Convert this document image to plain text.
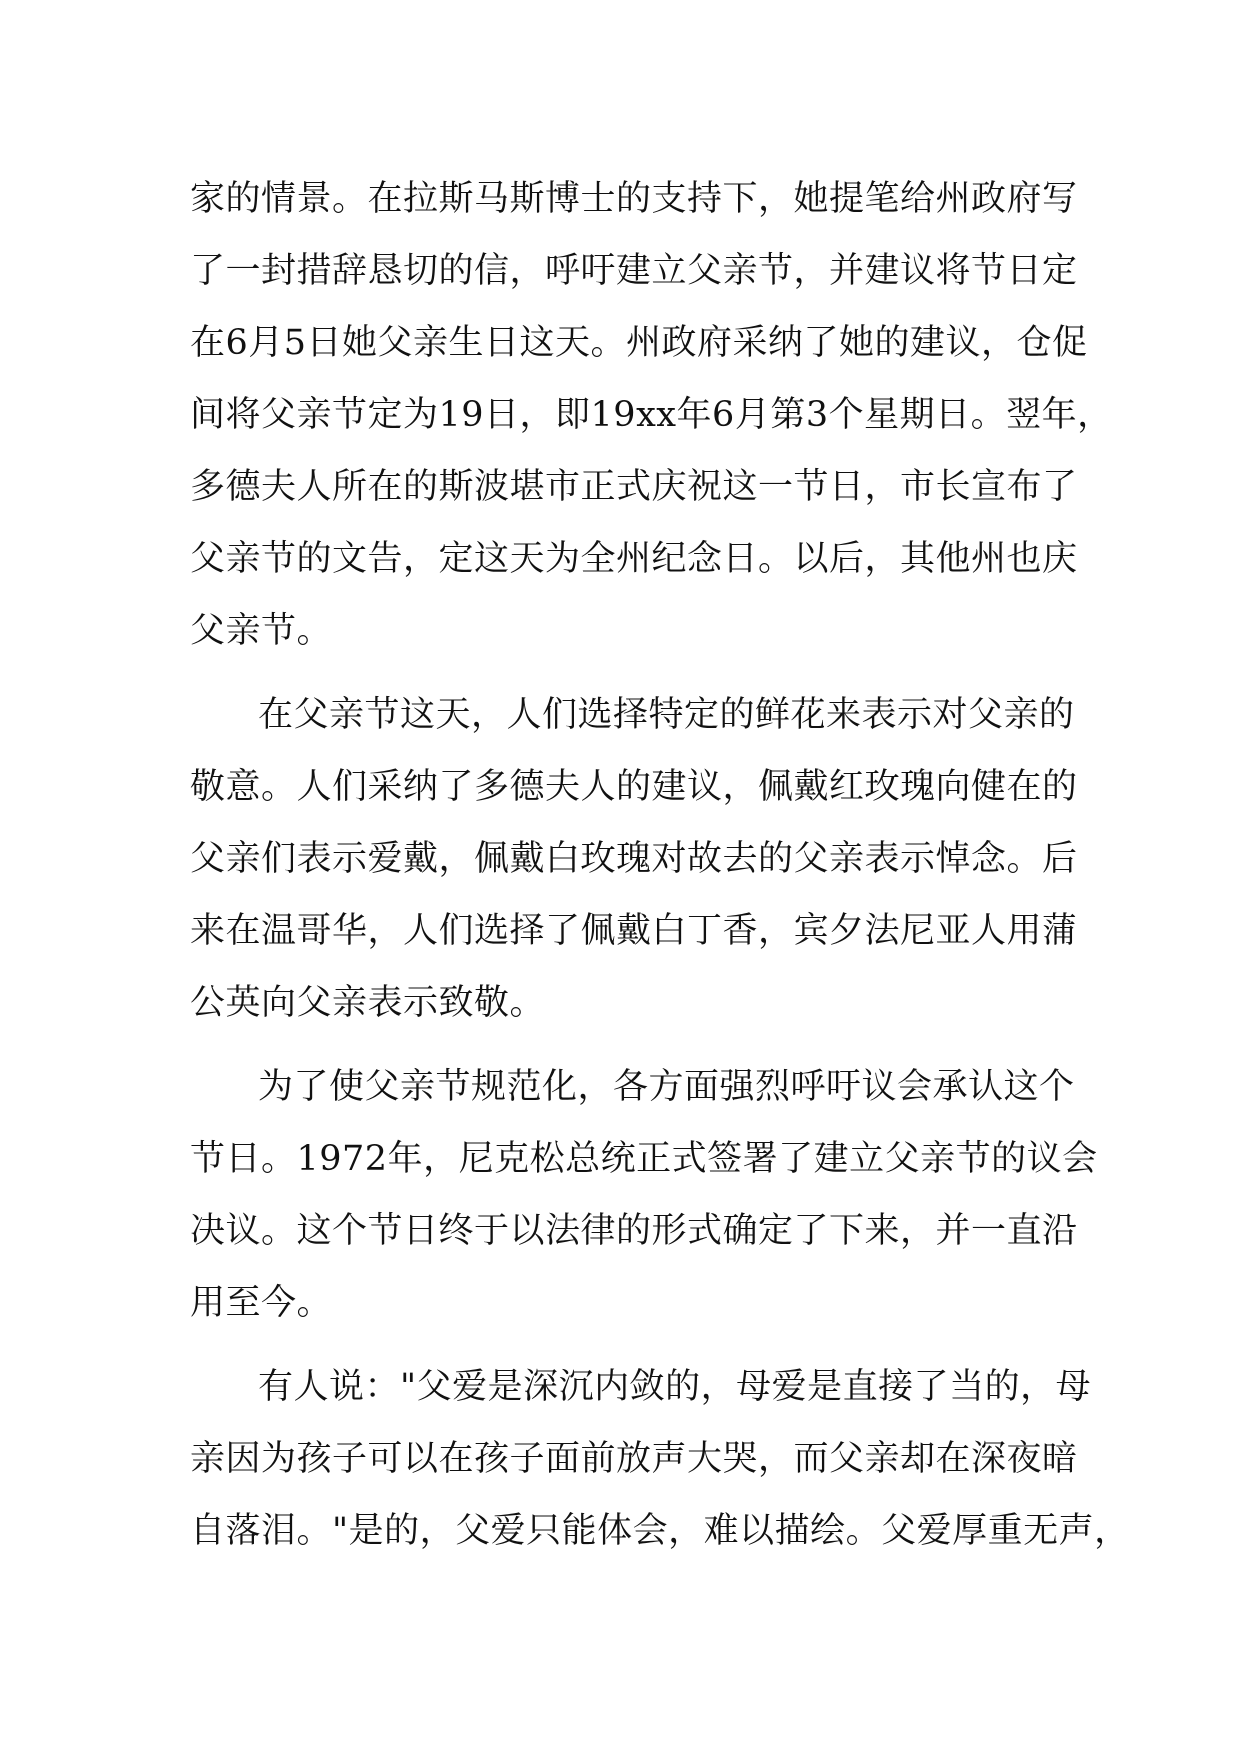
家的情景。在拉斯马斯博士的支持下，她提笔给州政府写

了一封措辞恳切的信，呼吁建立父亲节，并建议将节日定

在6月5日她父亲生日这天。州政府采纳了她的建议，仓促

间将父亲节定为19日，即19xx年6月第3个星期日。翌年，

多德夫人所在的斯波堪市正式庆祝这一节日，市长宣布了

父亲节的文告，定这天为全州纪念日。以后，其他州也庆

父亲节。

在父亲节这天，人们选择特定的鲜花来表示对父亲的

敬意。人们采纳了多德夫人的建议，佩戴红玫瑰向健在的

父亲们表示爱戴，佩戴白玫瑰对故去的父亲表示悼念。后

来在温哥华，人们选择了佩戴白丁香，宾夕法尼亚人用蒲

公英向父亲表示致敬。

为了使父亲节规范化，各方面强烈呼吁议会承认这个

节日。1972年，尼克松总统正式签署了建立父亲节的议会

决议。这个节日终于以法律的形式确定了下来，并一直沿

用至今。

有人说："父爱是深沉内敛的，母爱是直接了当的，母

亲因为孩子可以在孩子面前放声大哭，而父亲却在深夜暗

自落泪。"是的，父爱只能体会，难以描绘。父爱厚重无声，
